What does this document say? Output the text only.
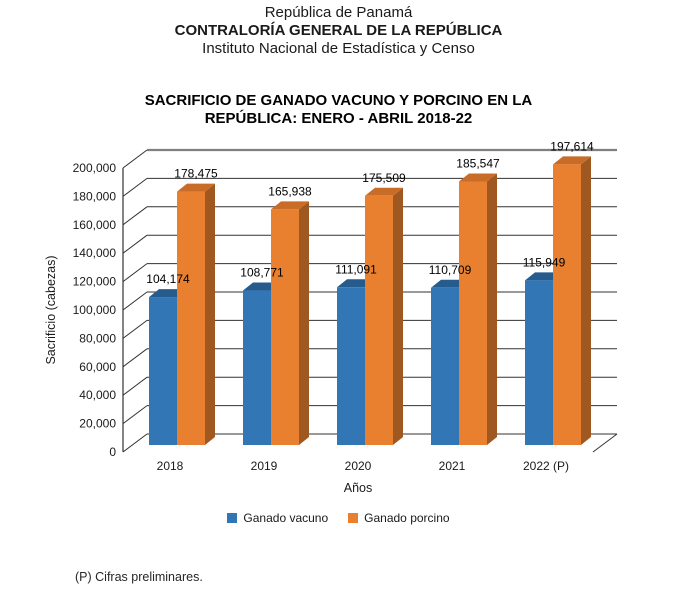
República de Panamá
CONTRALORÍA GENERAL DE LA REPÚBLICA
Instituto Nacional de Estadística y Censo
SACRIFICIO DE GANADO VACUNO Y PORCINO EN LA
REPÚBLICA: ENERO - ABRIL 2018-22
0
20,000
40,000
60,000
80,000
100,000
120,000
140,000
160,000
180,000
200,000
104,174
178,475
108,771
165,938
111,091
175,509
110,709
185,547
115,949
197,614
2018	2019	2020	2021	2022 (P)
Años
Sacrificio (cabezas)
Ganado vacuno	Ganado porcino
(P) Cifras preliminares.
